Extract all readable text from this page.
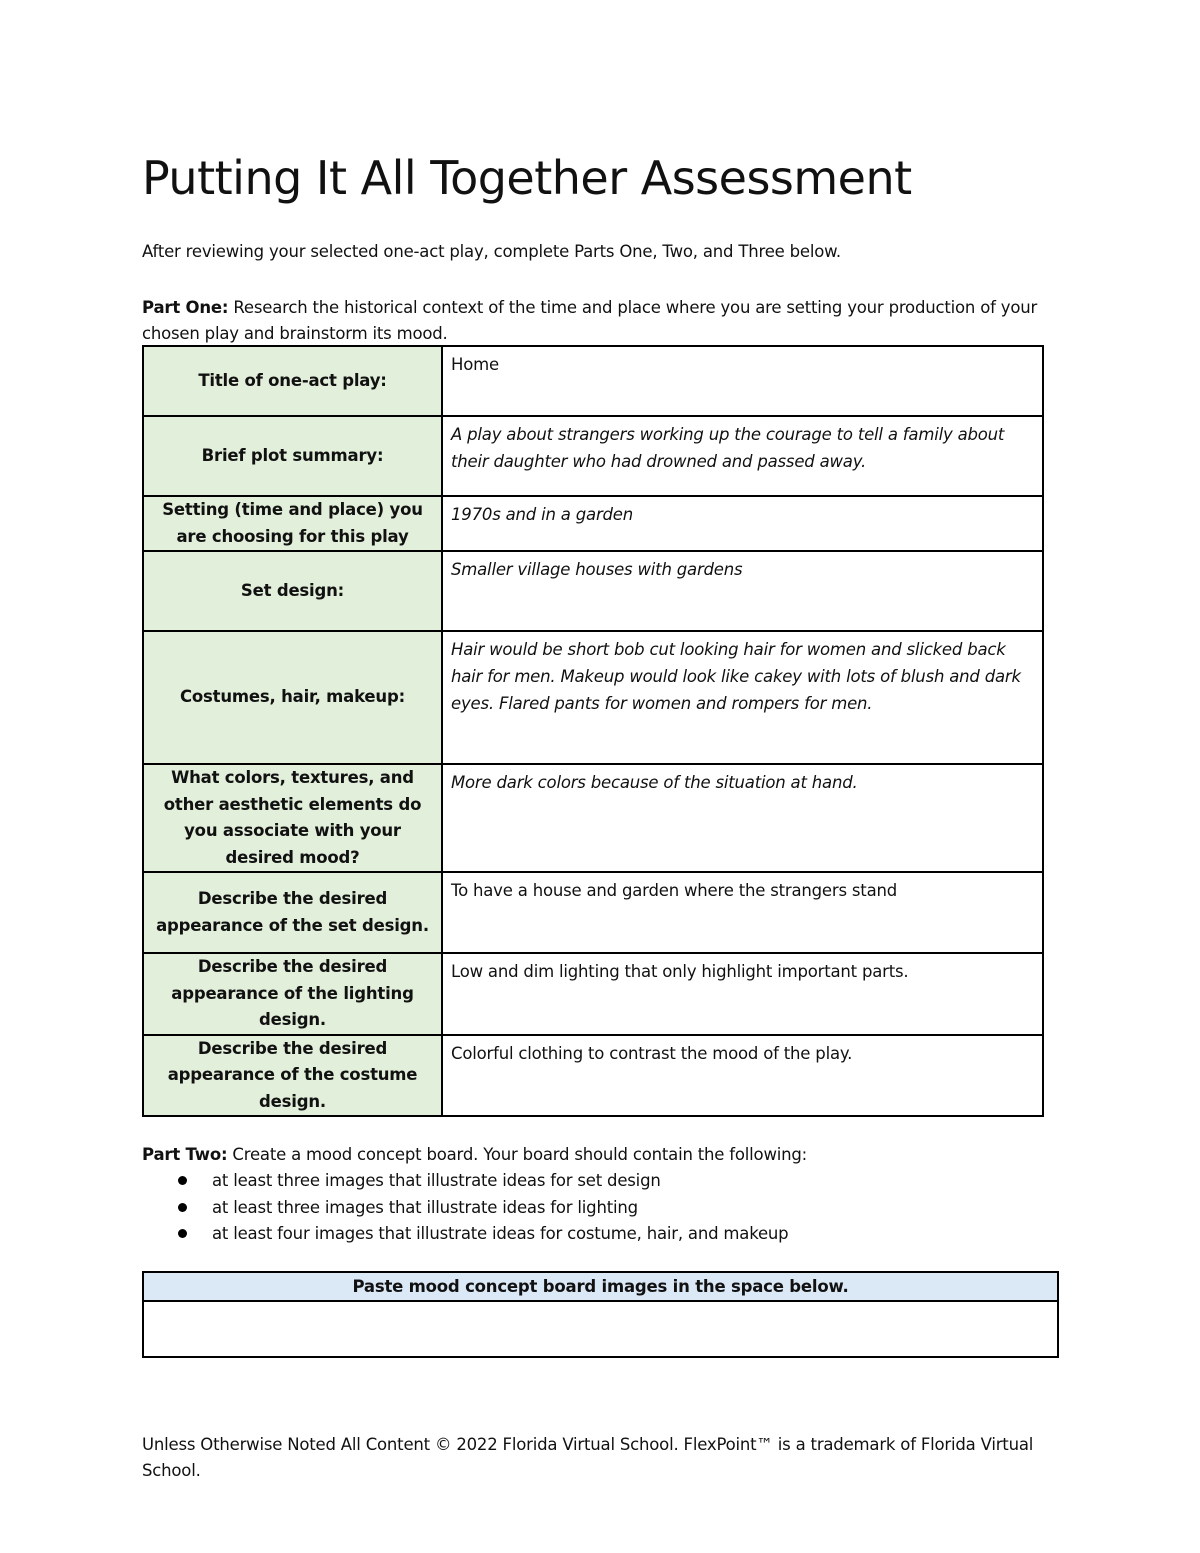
Putting It All Together Assessment
After reviewing your selected one-act play, complete Parts One, Two, and Three below.
Part One: Research the historical context of the time and place where you are setting your production of your chosen play and brainstorm its mood.
Title of one-act play:	Home
Brief plot summary:	A play about strangers working up the courage to tell a family about their daughter who had drowned and passed away.
Setting (time and place) you are choosing for this play	1970s and in a garden
Set design:	Smaller village houses with gardens
Costumes, hair, makeup:	Hair would be short bob cut looking hair for women and slicked back hair for men. Makeup would look like cakey with lots of blush and dark eyes. Flared pants for women and rompers for men.
What colors, textures, and other aesthetic elements do you associate with your desired mood?	More dark colors because of the situation at hand.
Describe the desired appearance of the set design.	To have a house and garden where the strangers stand
Describe the desired appearance of the lighting design.	Low and dim lighting that only highlight important parts.
Describe the desired appearance of the costume design.	Colorful clothing to contrast the mood of the play.
Part Two: Create a mood concept board. Your board should contain the following:
at least three images that illustrate ideas for set design
at least three images that illustrate ideas for lighting
at least four images that illustrate ideas for costume, hair, and makeup
Paste mood concept board images in the space below.

Unless Otherwise Noted All Content © 2022 Florida Virtual School. FlexPoint™ is a trademark of Florida Virtual School.
